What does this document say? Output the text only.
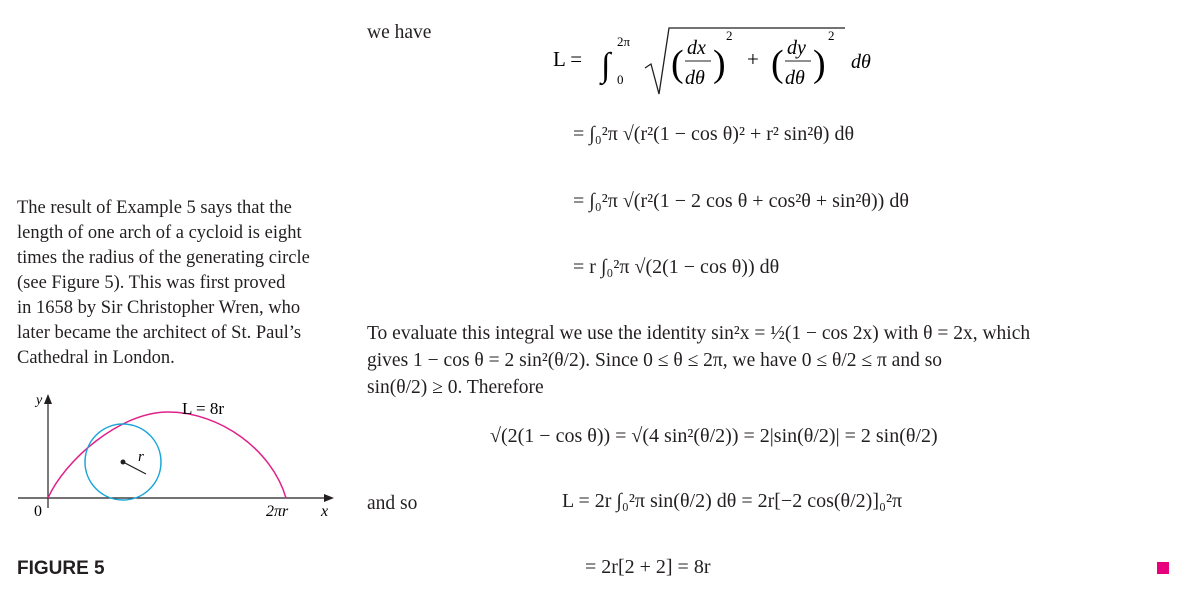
The result of Example 5 says that the
length of one arch of a cycloid is eight
times the radius of the generating circle
(see Figure 5). This was first proved
in 1658 by Sir Christopher Wren, who
later became the architect of St. Paul’s
Cathedral in London.
y
r
L = 8r
0	2πr x
FIGURE 5
we have
L = ∫
2π
0 ( dx
dθ )
2
+ ( dy
dθ )
2
dθ
= ∫₀²π √(r²(1 − cos θ)² + r² sin²θ) dθ
= ∫₀²π √(r²(1 − 2 cos θ + cos²θ + sin²θ)) dθ
= r ∫₀²π √(2(1 − cos θ)) dθ
To evaluate this integral we use the identity sin²x = ½(1 − cos 2x) with θ = 2x, which
gives 1 − cos θ = 2 sin²(θ/2). Since 0 ≤ θ ≤ 2π, we have 0 ≤ θ/2 ≤ π and so
sin(θ/2) ≥ 0. Therefore
√(2(1 − cos θ)) = √(4 sin²(θ/2)) = 2|sin(θ/2)| = 2 sin(θ/2)
and so	L = 2r ∫₀²π sin(θ/2) dθ = 2r[−2 cos(θ/2)]₀²π
= 2r[2 + 2] = 8r
